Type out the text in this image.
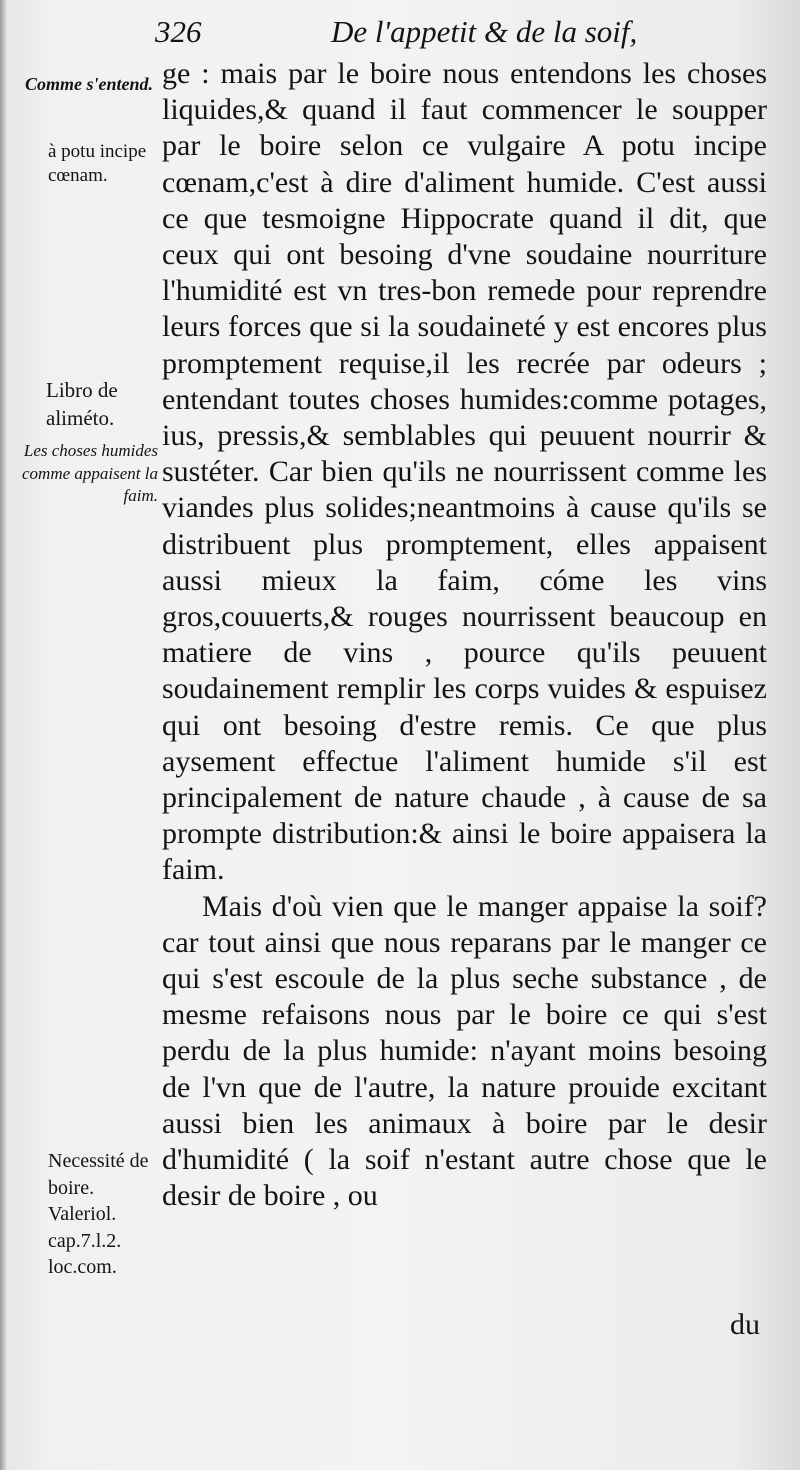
326	De l'appetit & de la soif,
Comme s'entend.
à potu incipe cœnam.
Libro de aliméto.
Les choses humides comme appaisent la faim.
Necessité de boire. Valeriol. cap.7.l.2. loc.com.

ge : mais par le boire nous entendons les choses liquides,& quand il faut commencer le soupper par le boire selon ce vulgaire A potu incipe cœnam,c'est à dire d'aliment humide. C'est aussi ce que tesmoigne Hippocrate quand il dit, que ceux qui ont besoing d'vne soudaine nourriture l'humidité est vn tres-bon remede pour reprendre leurs forces que si la soudaineté y est encores plus promptement requise,il les recrée par odeurs ; entendant toutes choses humides:comme potages, ius, pressis,& semblables qui peuuent nourrir & sustéter. Car bien qu'ils ne nourrissent comme les viandes plus solides;neantmoins à cause qu'ils se distribuent plus promptement, elles appaisent aussi mieux la faim, cóme les vins gros,couuerts,& rouges nourrissent beaucoup en matiere de vins , pource qu'ils peuuent soudainement remplir les corps vuides & espuisez qui ont besoing d'estre remis. Ce que plus aysement effectue l'aliment humide s'il est principalement de nature chaude , à cause de sa prompte distribution:& ainsi le boire appaisera la faim.
Mais d'où vien que le manger appaise la soif? car tout ainsi que nous reparans par le manger ce qui s'est escoule de la plus seche substance , de mesme refaisons nous par le boire ce qui s'est perdu de la plus humide: n'ayant moins besoing de l'vn que de l'autre, la nature prouide excitant aussi bien les animaux à boire par le desir d'humidité ( la soif n'estant autre chose que le desir de boire , ou

du
